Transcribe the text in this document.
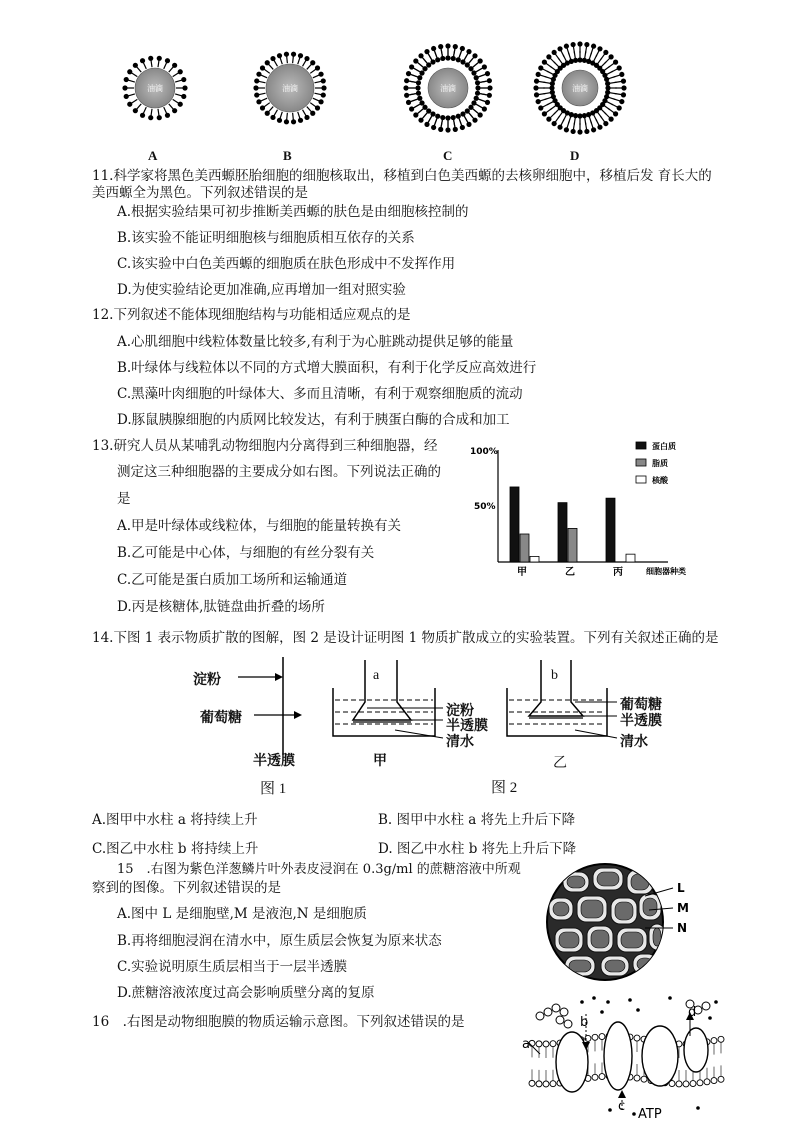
油滴	油滴	油滴	油滴
A	B	C	D
11.科学家将黑色美西螈胚胎细胞的细胞核取出，移植到白色美西螈的去核卵细胞中，移植后发 育长大的
美西螈全为黑色。下列叙述错误的是
A.根据实验结果可初步推断美西螈的肤色是由细胞核控制的
B.该实验不能证明细胞核与细胞质相互依存的关系
C.该实验中白色美西螈的细胞质在肤色形成中不发挥作用
D.为使实验结论更加准确,应再增加一组对照实验
12.下列叙述不能体现细胞结构与功能相适应观点的是
A.心肌细胞中线粒体数量比较多,有利于为心脏跳动提供足够的能量
B.叶绿体与线粒体以不同的方式增大膜面积，有利于化学反应高效进行
C.黑藻叶肉细胞的叶绿体大、多而且清晰，有利于观察细胞质的流动
D.豚鼠胰腺细胞的内质网比较发达，有利于胰蛋白酶的合成和加工
13.研究人员从某哺乳动物细胞内分离得到三种细胞器，经
测定这三种细胞器的主要成分如右图。下列说法正确的
是
A.甲是叶绿体或线粒体，与细胞的能量转换有关
B.乙可能是中心体，与细胞的有丝分裂有关
C.乙可能是蛋白质加工场所和运输通道
D.丙是核糖体,肽链盘曲折叠的场所
100%
50%
甲	乙	丙	细胞器种类
蛋白质
脂质
核酸
14.下图 1 表示物质扩散的图解，图 2 是设计证明图 1 物质扩散成立的实验装置。下列有关叙述正确的是
淀粉
葡萄糖
半透膜
图 1
a
淀粉
半透膜
清水
甲
b
葡萄糖
半透膜
清水
乙
图 2
A.图甲中水柱 a 将持续上升	B. 图甲中水柱 a 将先上升后下降
C.图乙中水柱 b 将持续上升	D. 图乙中水柱 b 将先上升后下降
15　.右图为紫色洋葱鳞片叶外表皮浸润在 0.3g/ml 的蔗糖溶液中所观
察到的图像。下列叙述错误的是
A.图中 L 是细胞壁,M 是液泡,N 是细胞质
B.再将细胞浸润在清水中，原生质层会恢复为原来状态
C.实验说明原生质层相当于一层半透膜
D.蔗糖溶液浓度过高会影响质壁分离的复原
L
M
N
16　.右图是动物细胞膜的物质运输示意图。下列叙述错误的是
a
b
c
d
ATP
